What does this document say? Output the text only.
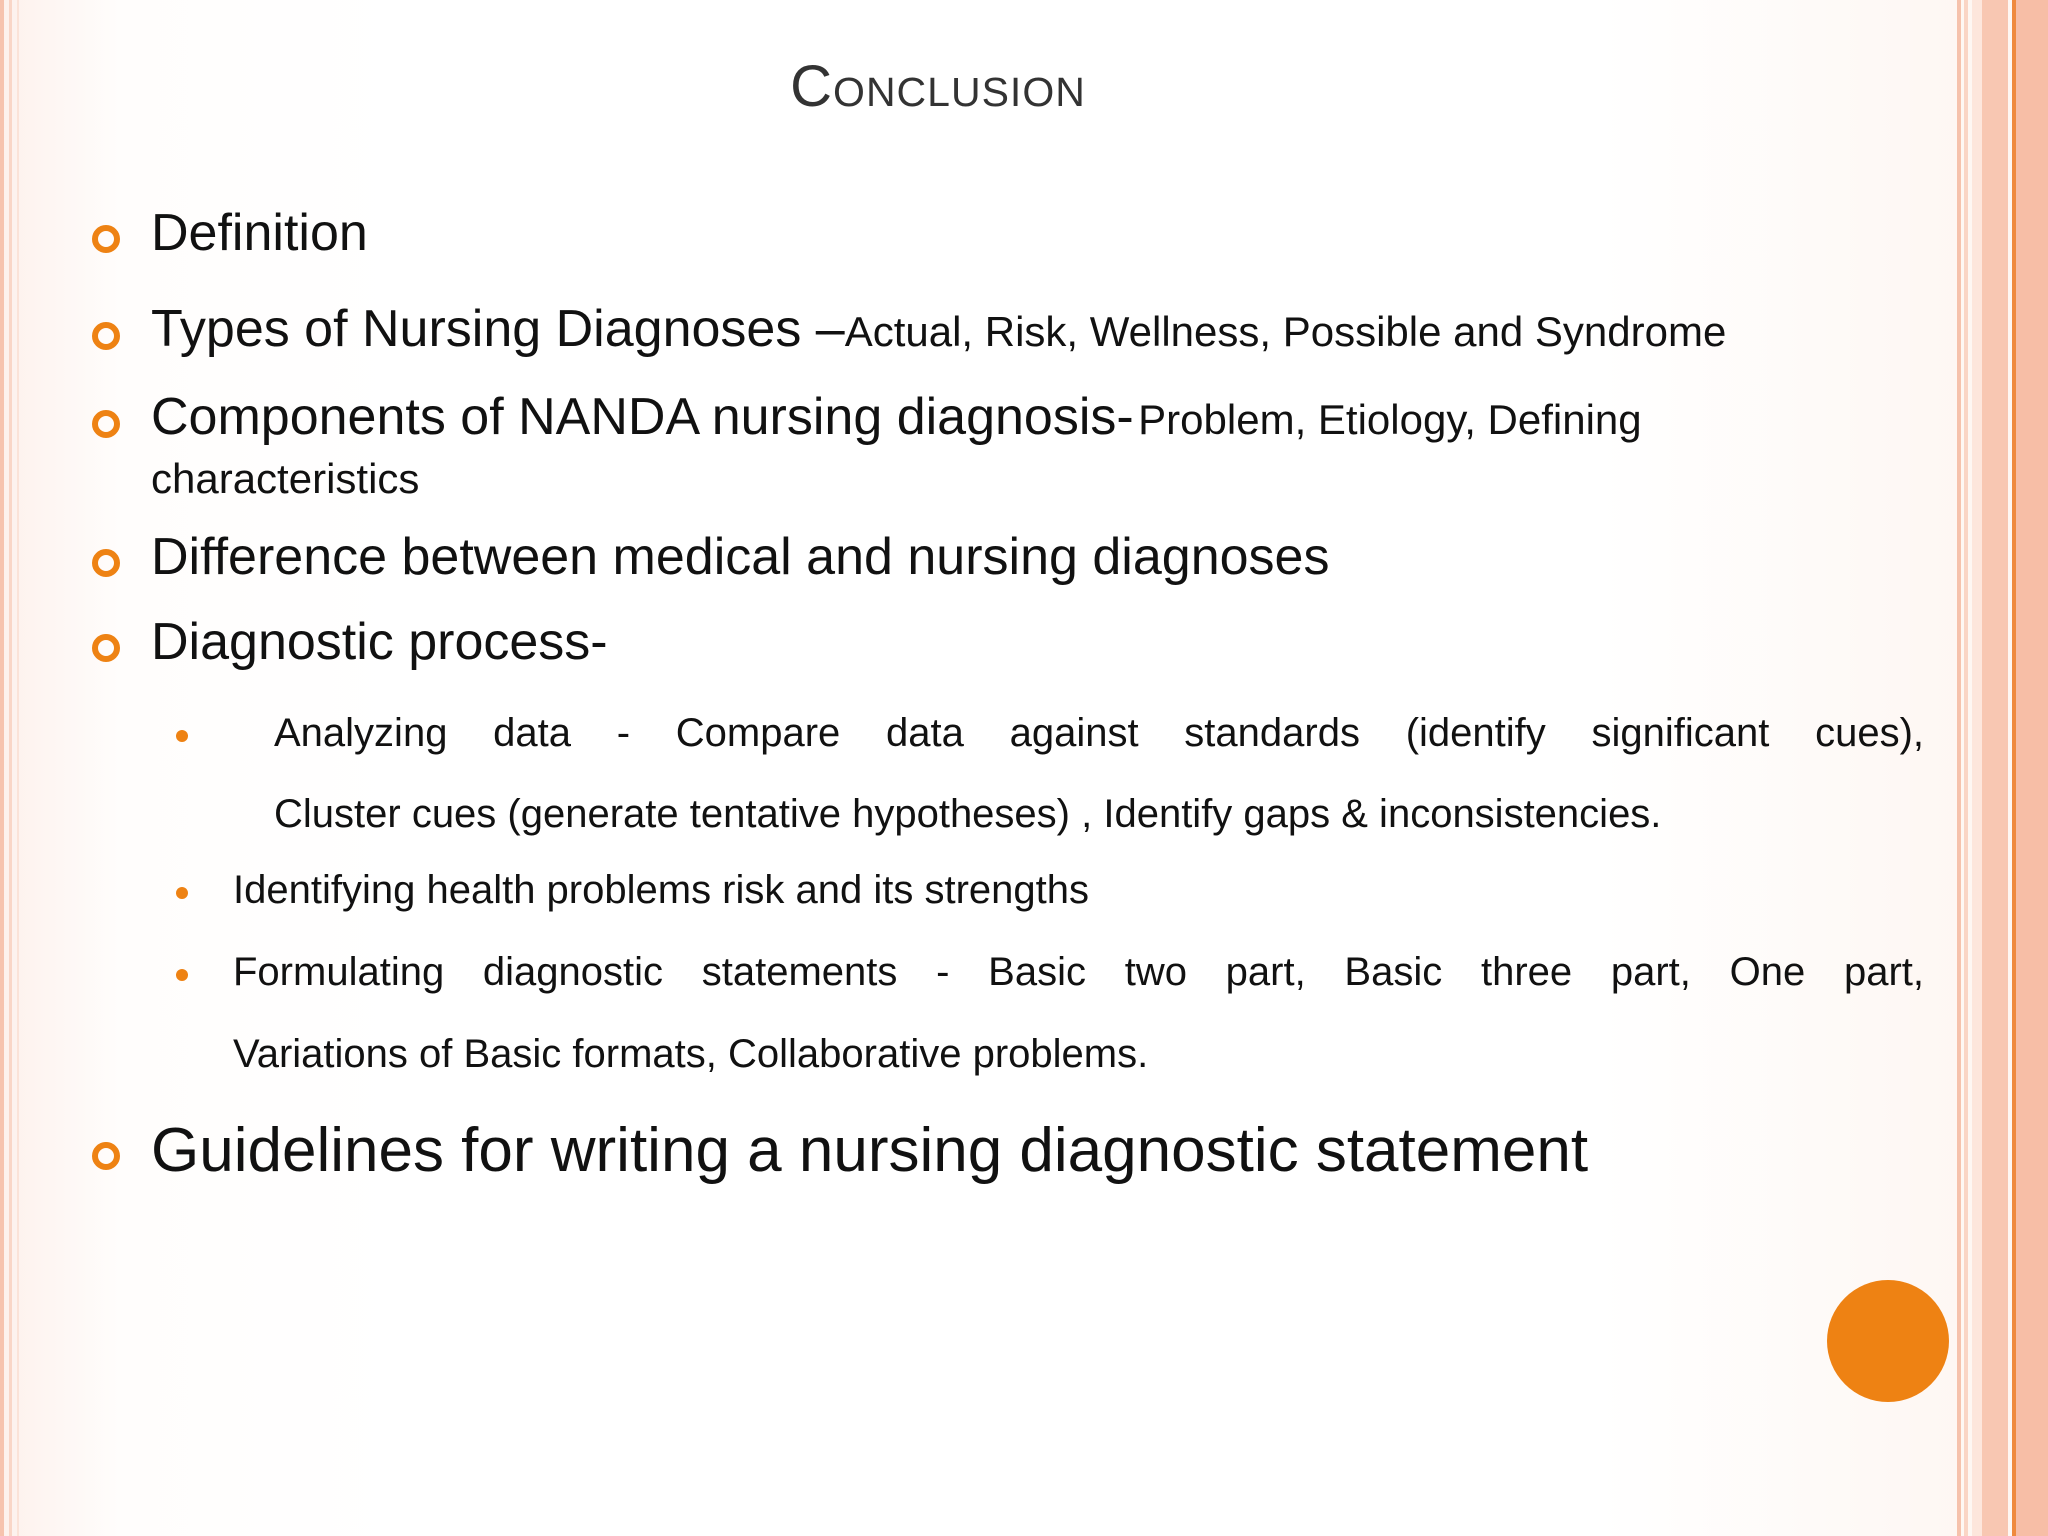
Conclusion
Definition
Types of Nursing Diagnoses –Actual, Risk, Wellness, Possible and Syndrome
Components of NANDA nursing diagnosis- Problem, Etiology, Defining
characteristics
Difference between medical and nursing diagnoses
Diagnostic process-
Analyzing data - Compare data against standards (identify significant cues),
Cluster cues (generate tentative hypotheses) , Identify gaps & inconsistencies.
Identifying health problems risk and its strengths
Formulating diagnostic statements - Basic two part, Basic three part, One part,
Variations of Basic formats, Collaborative problems.
Guidelines for writing a nursing diagnostic statement
